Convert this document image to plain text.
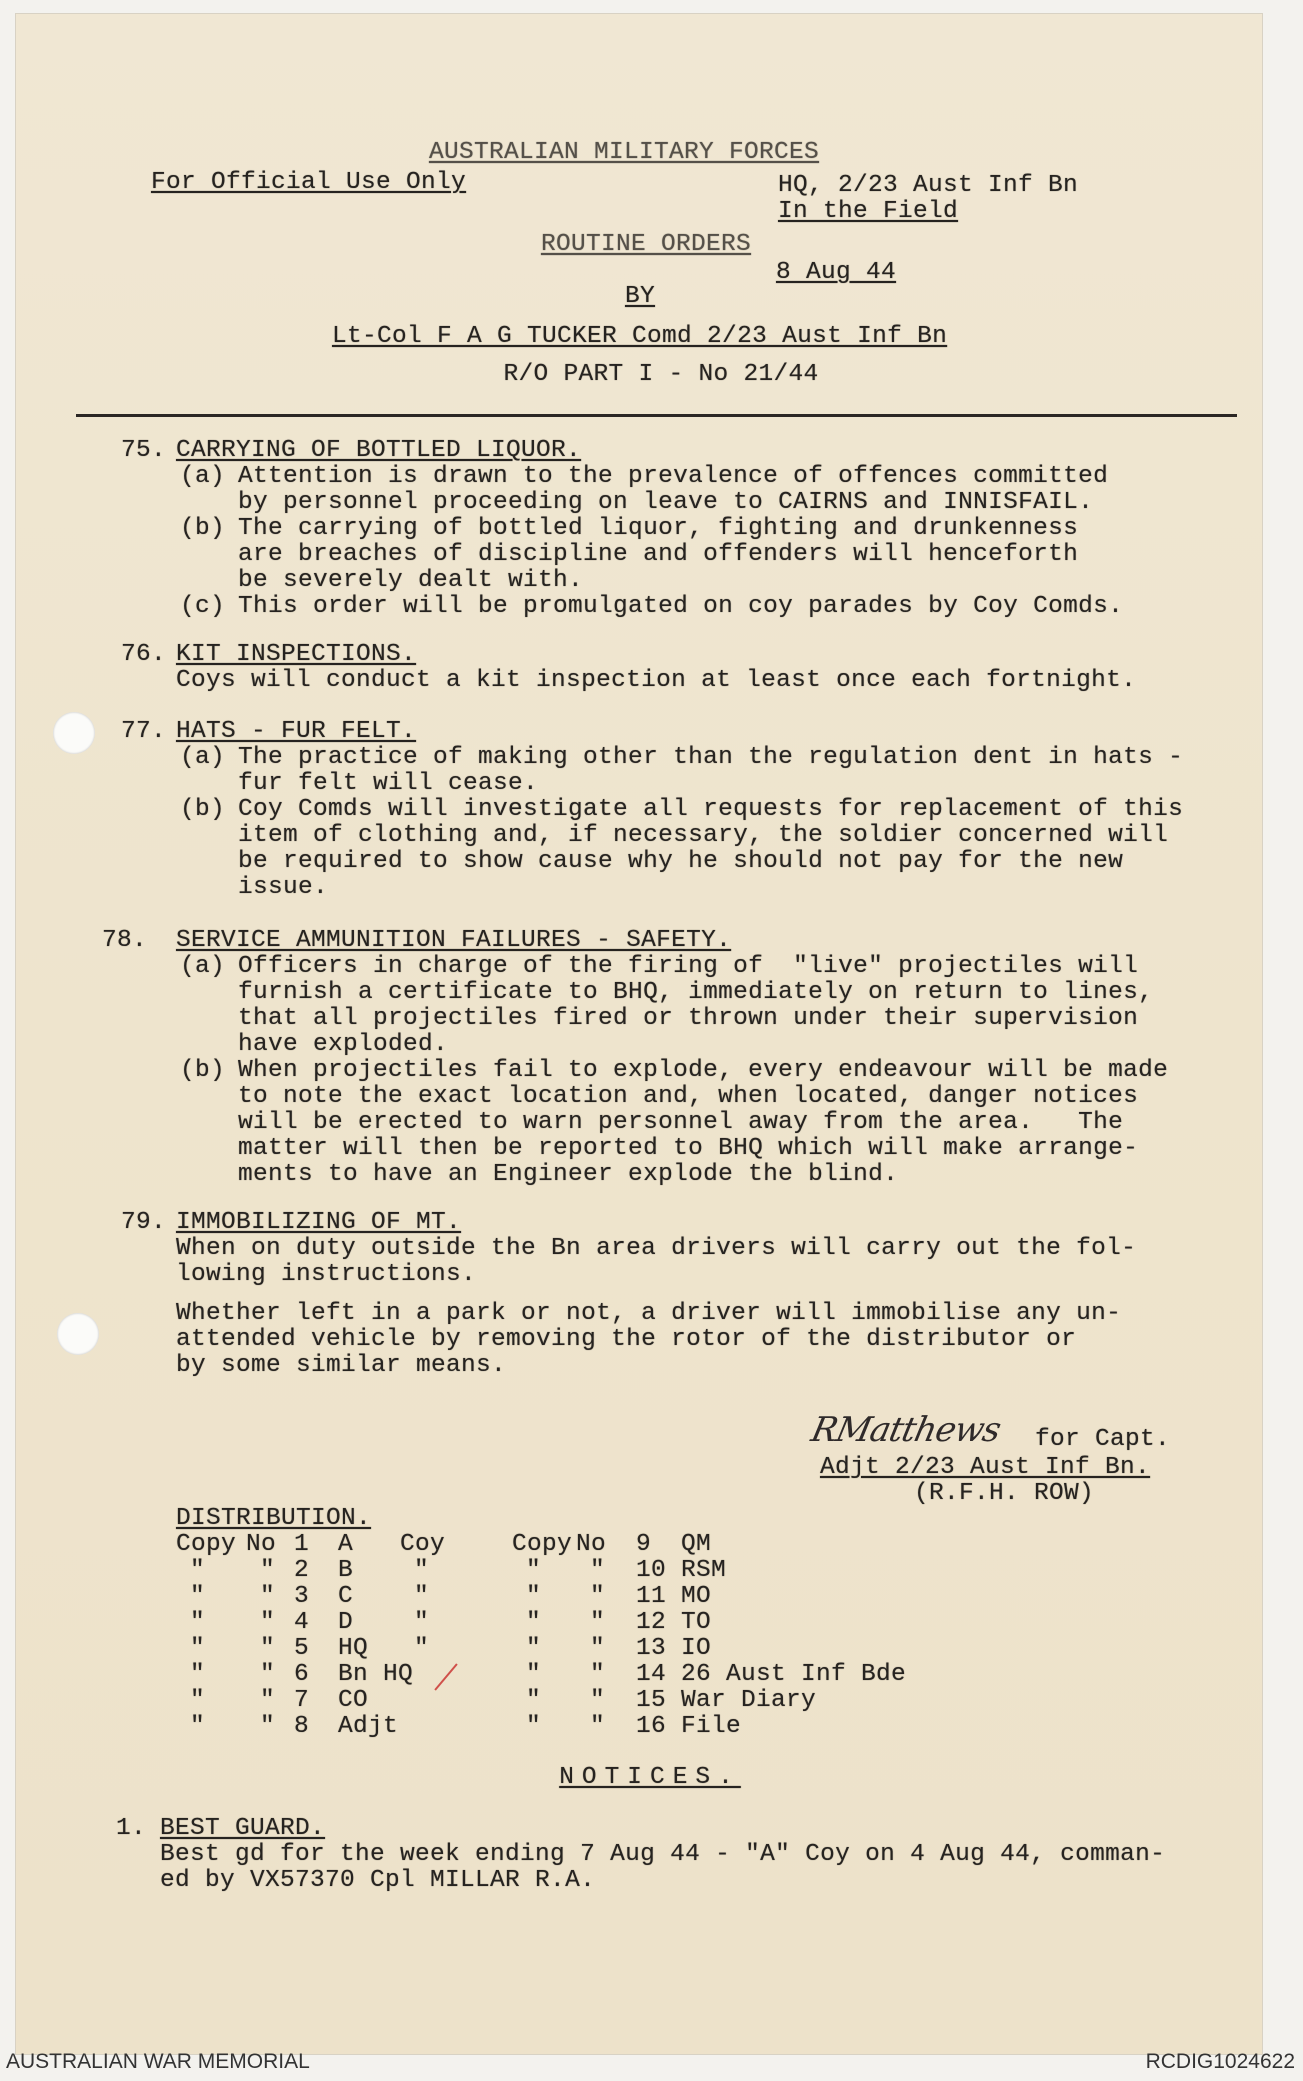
AUSTRALIAN MILITARY FORCES
For Official Use Only	HQ, 2/23 Aust Inf Bn
In the Field
ROUTINE ORDERS
8 Aug 44
BY
Lt-Col F A G TUCKER Comd 2/23 Aust Inf Bn
R/O PART I - No 21/44
75. CARRYING OF BOTTLED LIQUOR.
(a) Attention is drawn to the prevalence of offences committed
by personnel proceeding on leave to CAIRNS and INNISFAIL.
(b) The carrying of bottled liquor, fighting and drunkenness
are breaches of discipline and offenders will henceforth
be severely dealt with.
(c) This order will be promulgated on coy parades by Coy Comds.
76. KIT INSPECTIONS.
Coys will conduct a kit inspection at least once each fortnight.
77. HATS - FUR FELT.
(a) The practice of making other than the regulation dent in hats -
fur felt will cease.
(b) Coy Comds will investigate all requests for replacement of this
item of clothing and, if necessary, the soldier concerned will
be required to show cause why he should not pay for the new
issue.
78. SERVICE AMMUNITION FAILURES - SAFETY.
(a) Officers in charge of the firing of  "live" projectiles will
furnish a certificate to BHQ, immediately on return to lines,
that all projectiles fired or thrown under their supervision
have exploded.
(b) When projectiles fail to explode, every endeavour will be made
to note the exact location and, when located, danger notices
will be erected to warn personnel away from the area.   The
matter will then be reported to BHQ which will make arrange-
ments to have an Engineer explode the blind.
79. IMMOBILIZING OF MT.
When on duty outside the Bn area drivers will carry out the fol-
lowing instructions.
Whether left in a park or not, a driver will immobilise any un-
attended vehicle by removing the rotor of the distributor or
by some similar means.
RMatthews for Capt.
Adjt 2/23 Aust Inf Bn.
(R.F.H. ROW)
DISTRIBUTION.
Copy No 1 A Coy	Copy No 9 QM
" " 2 B "	" " 10 RSM
" " 3 C "	" " 11 MO
" " 4 D "	" " 12 TO
" " 5 HQ "	" " 13 IO
" " 6 Bn HQ	" " 14 26 Aust Inf Bde
" " 7 CO	" " 15 War Diary
" " 8 Adjt	" " 16 File
NOTICES.
1. BEST GUARD.
Best gd for the week ending 7 Aug 44 - "A" Coy on 4 Aug 44, comman-
ed by VX57370 Cpl MILLAR R.A.
AUSTRALIAN WAR MEMORIAL	RCDIG1024622
